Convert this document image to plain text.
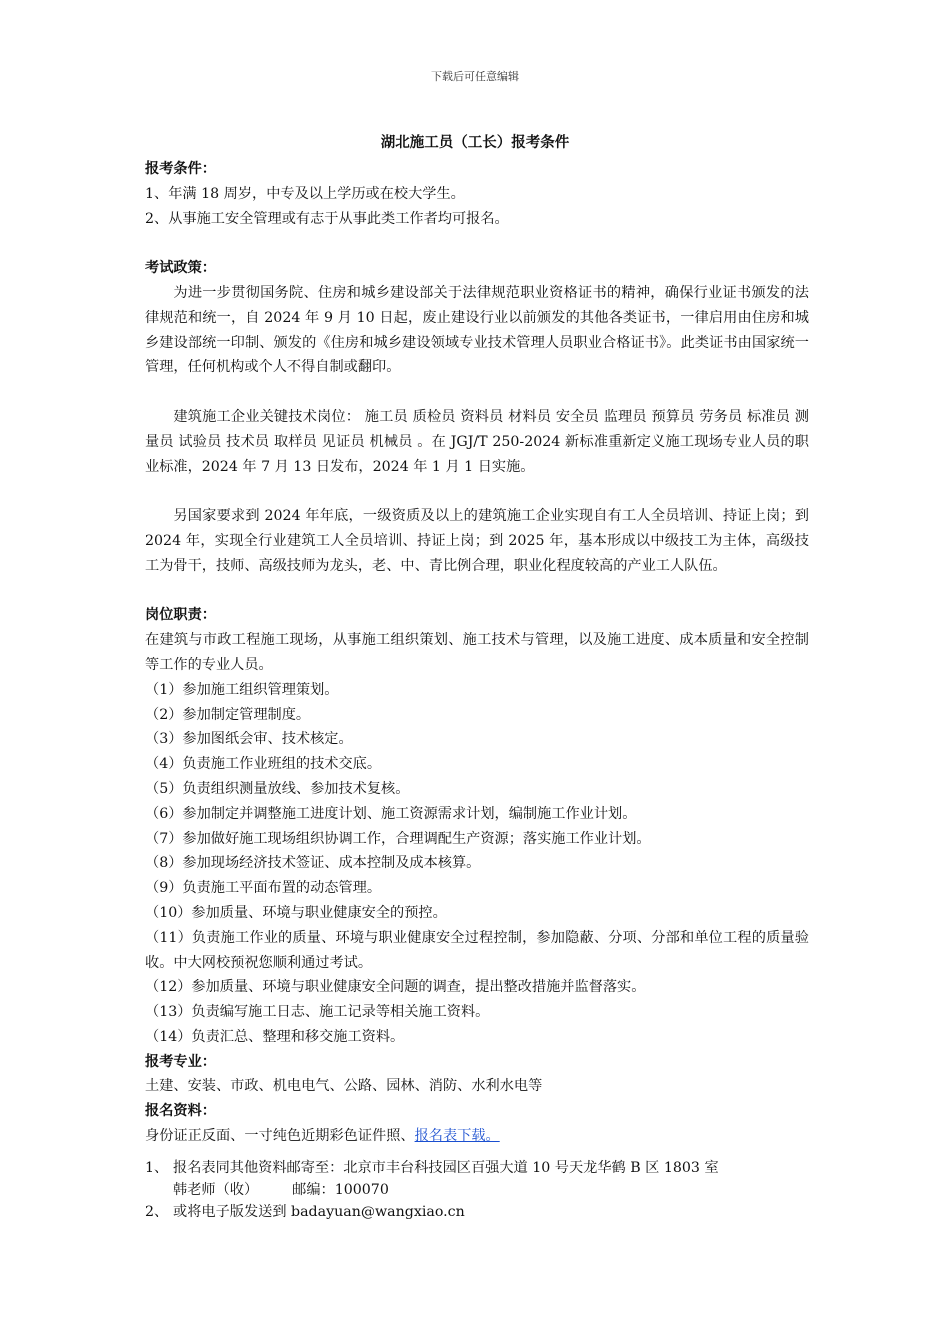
下载后可任意编辑
湖北施工员（工长）报考条件

报考条件：

1、年满 18 周岁，中专及以上学历或在校大学生。

2、从事施工安全管理或有志于从事此类工作者均可报名。

考试政策：

为进一步贯彻国务院、住房和城乡建设部关于法律规范职业资格证书的精神，确保行业证书颁发的法律规范和统一，自 2024 年 9 月 10 日起，废止建设行业以前颁发的其他各类证书，一律启用由住房和城乡建设部统一印制、颁发的《住房和城乡建设领域专业技术管理人员职业合格证书》。此类证书由国家统一管理，任何机构或个人不得自制或翻印。

建筑施工企业关键技术岗位： 施工员 质检员 资料员 材料员 安全员 监理员 预算员 劳务员 标准员 测量员 试验员 技术员 取样员 见证员 机械员 。在 JGJ/T 250-2024 新标准重新定义施工现场专业人员的职业标准，2024 年 7 月 13 日发布，2024 年 1 月 1 日实施。

另国家要求到 2024 年年底，一级资质及以上的建筑施工企业实现自有工人全员培训、持证上岗；到 2024 年，实现全行业建筑工人全员培训、持证上岗；到 2025 年，基本形成以中级技工为主体，高级技工为骨干，技师、高级技师为龙头，老、中、青比例合理，职业化程度较高的产业工人队伍。

岗位职责：

在建筑与市政工程施工现场，从事施工组织策划、施工技术与管理，以及施工进度、成本质量和安全控制等工作的专业人员。

（1）参加施工组织管理策划。

（2）参加制定管理制度。

（3）参加图纸会审、技术核定。

（4）负责施工作业班组的技术交底。

（5）负责组织测量放线、参加技术复核。

（6）参加制定并调整施工进度计划、施工资源需求计划，编制施工作业计划。

（7）参加做好施工现场组织协调工作，合理调配生产资源；落实施工作业计划。

（8）参加现场经济技术签证、成本控制及成本核算。

（9）负责施工平面布置的动态管理。

（10）参加质量、环境与职业健康安全的预控。

（11）负责施工作业的质量、环境与职业健康安全过程控制，参加隐蔽、分项、分部和单位工程的质量验收。中大网校预祝您顺利通过考试。

（12）参加质量、环境与职业健康安全问题的调查，提出整改措施并监督落实。

（13）负责编写施工日志、施工记录等相关施工资料。

（14）负责汇总、整理和移交施工资料。

报考专业：

土建、安装、市政、机电电气、公路、园林、消防、水利水电等

报名资料：

身份证正反面、一寸纯色近期彩色证件照、报名表下载。

1、 报名表同其他资料邮寄至：北京市丰台科技园区百强大道 10 号天龙华鹤 B 区 1803 室
韩老师（收） 邮编：100070
2、 或将电子版发送到 badayuan@wangxiao.cn
